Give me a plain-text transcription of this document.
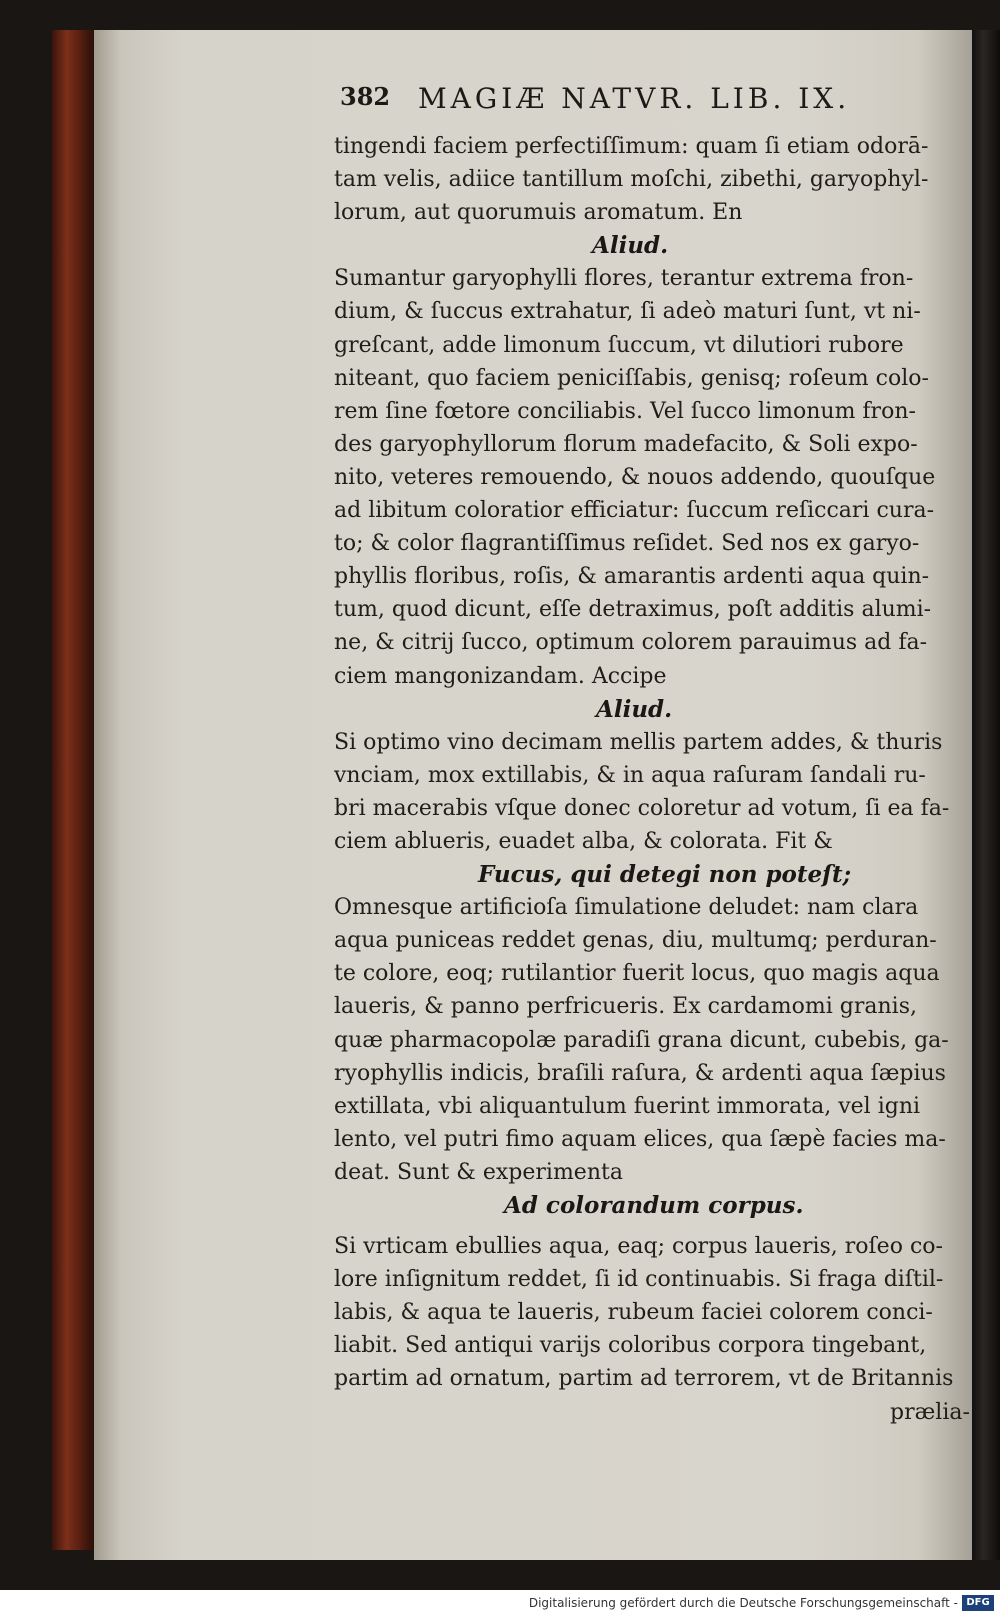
382 MAGIÆ NATVR. LIB. IX.
tingendi faciem perfectiſſimum: quam ſi etiam odorā-
tam velis, adiice tantillum moſchi, zibethi, garyophyl-
lorum, aut quorumuis aromatum. En
Aliud.
Sumantur garyophylli flores, terantur extrema fron-
dium, & ſuccus extrahatur, ſi adeò maturi ſunt, vt ni-
greſcant, adde limonum ſuccum, vt dilutiori rubore
niteant, quo faciem peniciſſabis, genisq; roſeum colo-
rem ſine fœtore conciliabis. Vel ſucco limonum fron-
des garyophyllorum florum madefacito, & Soli expo-
nito, veteres remouendo, & nouos addendo, quouſque
ad libitum coloratior efficiatur: ſuccum reſiccari cura-
to; & color flagrantiſſimus reſidet. Sed nos ex garyo-
phyllis floribus, roſis, & amarantis ardenti aqua quin-
tum, quod dicunt, eſſe detraximus, poſt additis alumi-
ne, & citrij ſucco, optimum colorem parauimus ad fa-
ciem mangonizandam. Accipe
Aliud.
Si optimo vino decimam mellis partem addes, & thuris
vnciam, mox extillabis, & in aqua raſuram ſandali ru-
bri macerabis vſque donec coloretur ad votum, ſi ea fa-
ciem ablueris, euadet alba, & colorata. Fit &
Fucus, qui detegi non poteſt;
Omnesque artificioſa ſimulatione deludet: nam clara
aqua puniceas reddet genas, diu, multumq; perduran-
te colore, eoq; rutilantior fuerit locus, quo magis aqua
laueris, & panno perfricueris. Ex cardamomi granis,
quæ pharmacopolæ paradiſi grana dicunt, cubebis, ga-
ryophyllis indicis, braſili raſura, & ardenti aqua ſæpius
extillata, vbi aliquantulum fuerint immorata, vel igni
lento, vel putri fimo aquam elices, qua ſæpè facies ma-
deat. Sunt & experimenta
Ad colorandum corpus.
Si vrticam ebullies aqua, eaq; corpus laueris, roſeo co-
lore inſignitum reddet, ſi id continuabis. Si fraga diſtil-
labis, & aqua te laueris, rubeum faciei colorem conci-
liabit. Sed antiqui varijs coloribus corpora tingebant,
partim ad ornatum, partim ad terrorem, vt de Britannis
prælia-
Digitalisierung gefördert durch die Deutsche Forschungsgemeinschaft - DFG
